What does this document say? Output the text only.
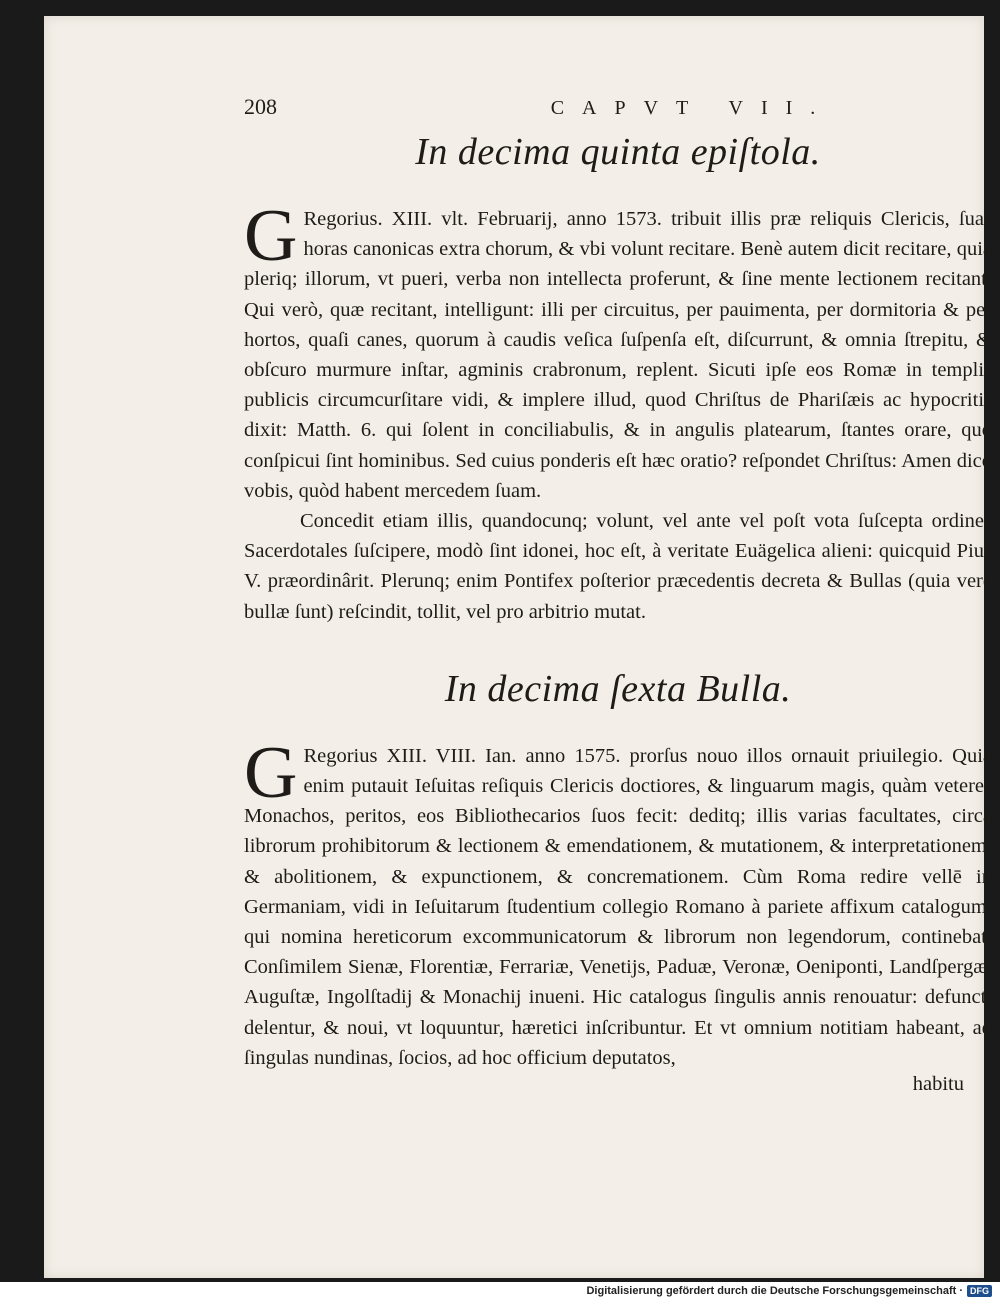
208	CAPVT VII.
In decima quinta epiſtola.

G Regorius. XIII. vlt. Februarij, anno 1573. tribuit illis præ reliquis Clericis, ſuas horas canonicas extra chorum, & vbi volunt recitare. Benè autem dicit recitare, quia pleriq; illorum, vt pueri, verba non intellecta proferunt, & ſine mente lectionem recitant. Qui verò, quæ recitant, intelligunt: illi per circuitus, per pauimenta, per dormitoria & per hortos, quaſi canes, quorum à caudis veſica ſuſpenſa eſt, diſcurrunt, & omnia ſtrepitu, & obſcuro murmure inſtar, agminis crabronum, replent. Sicuti ipſe eos Romæ in templis publicis circumcurſitare vidi, & implere illud, quod Chriſtus de Phariſæis ac hypocritis dixit: Matth. 6. qui ſolent in conciliabulis, & in angulis platearum, ſtantes orare, quò conſpicui ſint hominibus. Sed cuius ponderis eſt hæc oratio? reſpondet Chriſtus: Amen dico vobis, quòd habent mercedem ſuam.

Concedit etiam illis, quandocunq; volunt, vel ante vel poſt vota ſuſcepta ordines Sacerdotales ſuſcipere, modò ſint idonei, hoc eſt, à veritate Euägelica alieni: quicquid Pius V. præordinârit. Plerunq; enim Pontifex poſterior præcedentis decreta & Bullas (quia verè bullæ ſunt) reſcindit, tollit, vel pro arbitrio mutat.

In decima ſexta Bulla.

G Regorius XIII. VIII. Ian. anno 1575. prorſus nouo illos ornauit priuilegio. Quia enim putauit Ieſuitas reſiquis Clericis doctiores, & linguarum magis, quàm veteres Monachos, peritos, eos Bibliothecarios ſuos fecit: deditq; illis varias facultates, circa librorum prohibitorum & lectionem & emendationem, & mutationem, & interpretationem, & abolitionem, & expunctionem, & concremationem. Cùm Roma redire vellē in Germaniam, vidi in Ieſuitarum ſtudentium collegio Romano à pariete affixum catalogum, qui nomina hereticorum excommunicatorum & librorum non legendorum, continebat. Conſimilem Sienæ, Florentiæ, Ferrariæ, Venetijs, Paduæ, Veronæ, Oeniponti, Landſpergæ, Auguſtæ, Ingolſtadij & Monachij inueni. Hic catalogus ſingulis annis renouatur: defuncti delentur, & noui, vt loquuntur, hæretici inſcribuntur. Et vt omnium notitiam habeant, ad ſingulas nundinas, ſocios, ad hoc officium deputatos,

habitu

Digitalisierung gefördert durch die Deutsche Forschungsgemeinschaft · DFG
